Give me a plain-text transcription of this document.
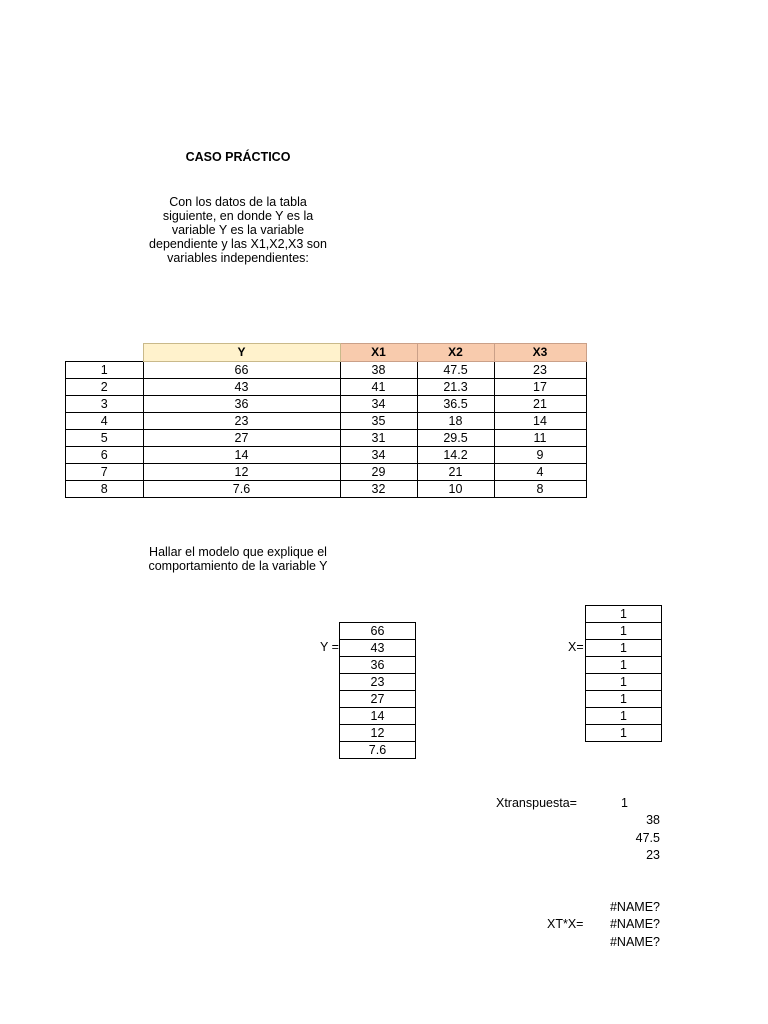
CASO PRÁCTICO
Con los datos de la tabla
siguiente, en donde Y es la
variable Y es la variable
dependiente y las X1,X2,X3 son
variables independientes:
	Y	X1	X2	X3
1	66	38	47.5	23
2	43	41	21.3	17
3	36	34	36.5	21
4	23	35	18	14
5	27	31	29.5	11
6	14	34	14.2	9
7	12	29	21	4
8	7.6	32	10	8
Hallar el modelo que explique el
comportamiento de la variable Y
Y =
66
43
36
23
27
14
12
7.6
X=
1
1
1
1
1
1
1
1
Xtranspuesta=	1
38
47.5
23
#NAME?
XT*X=	#NAME?
#NAME?
